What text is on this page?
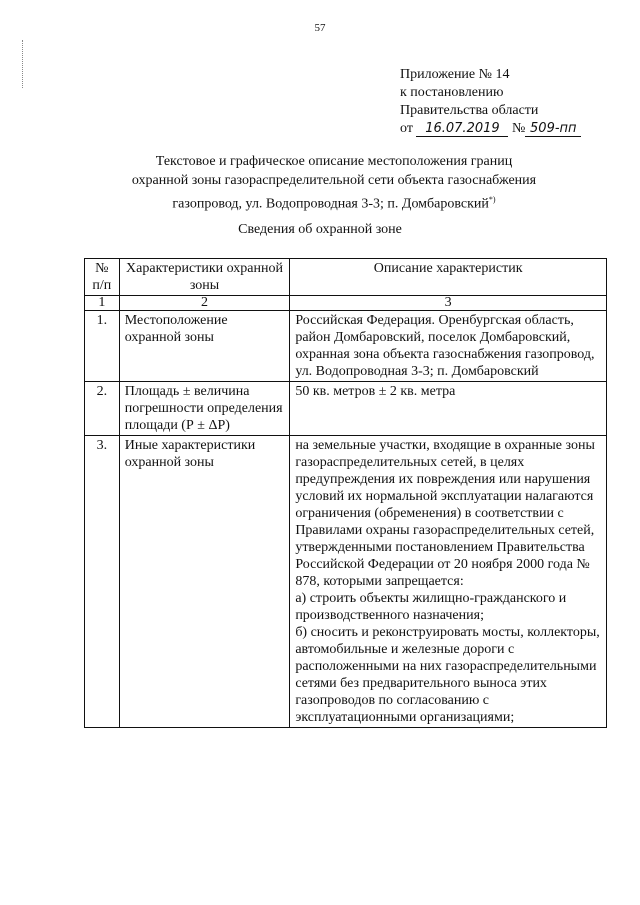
57
Приложение № 14
к постановлению
Правительства области
от 16.07.2019 № 509-пп
Текстовое и графическое описание местоположения границ
охранной зоны газораспределительной сети объекта газоснабжения
газопровод, ул. Водопроводная 3-3; п. Домбаровский*)
Сведения об охранной зоне
№ п/п	Характеристики охранной зоны	Описание характеристик
1	2	3
1.	Местоположение охранной зоны	Российская Федерация. Оренбургская область, район Домбаровский, поселок Домбаровский, охранная зона объекта газоснабжения газопровод, ул. Водопроводная 3-3; п. Домбаровский
2.	Площадь ± величина погрешности определения площади (Р ± ΔР)	50 кв. метров ± 2 кв. метра
3.	Иные характеристики охранной зоны	на земельные участки, входящие в охранные зоны газораспределительных сетей, в целях предупреждения их повреждения или нарушения условий их нормальной эксплуатации налагаются ограничения (обременения) в соответствии с Правилами охраны газораспределительных сетей, утвержденными постановлением Правительства Российской Федерации от 20 ноября 2000 года № 878, которыми запрещается:
а) строить объекты жилищно-гражданского и производственного назначения;
б) сносить и реконструировать мосты, коллекторы, автомобильные и железные дороги с расположенными на них газораспределительными сетями без предварительного выноса этих газопроводов по согласованию с эксплуатационными организациями;
